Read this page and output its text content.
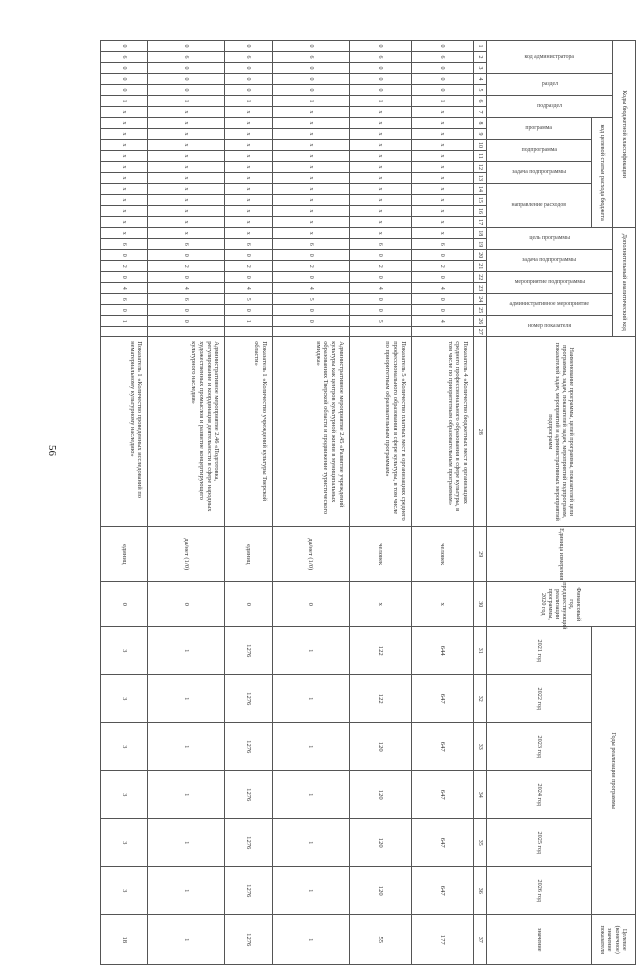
56
Коды бюджетной классификации																	Дополнительный аналитический код										Наименование программы, целей программы, показателей цели программы, задач, показателей задач, мероприятий подпрограмм, показателей задач, мероприятий и административных мероприятий подпрограмм	Единица измерения	Финансовый год, предшествующий реализации программы, 2020 год	Годы реализации программы						Целевое (конечное) значение показателя

код администратора			раздел		подраздел		код целевой статьи расхода бюджета										цель программы		задача подпрограммы		мероприятие подпрограммы		административное мероприятие		номер показателя											

							программа		подпрограмма		задача подпрограммы		направление расходов																	2021 год	2022 год	2023 год	2024 год	2025 год	2026 год	значение
1	2	3	4	5	6	7	8	9	10	11	12	13	14	15	16	17	18	19	20	21	22	23	24	25	26	27	28	29	30	31	32	33	34	35	36	37
0	6	0	0	0	1	x	x	x	x	x	x	x	x	x	x	x	x	6	0	2	0	4	0	0	4		Показатель 4 «Количество бюджетных мест в организациях среднего профессионального образования в сфере культуры, в том числе по приоритетным образовательным программам»	человек	х	644	647	647	647	647	647	177
0	6	0	0	0	1	x	x	x	x	x	x	x	x	x	x	x	x	6	0	2	0	4	0	0	5		Показатель 5 «Количество платных мест в организациях среднего профессионального образования в сфере культуры, в том числе по приоритетным образовательным программам»	человек	х	122	122	120	120	120	120	55
0	6	0	0	0	1	x	x	x	x	x	x	x	x	x	x	x	x	6	0	2	0	4	5	0	0		Административное мероприятие 2.45 «Развитие учреждений культуры как центров культурной жизни в муниципальных образованиях Тверской области и продвижение туристического имиджа»	да/нет (1/0)	0	1	1	1	1	1	1	1
0	6	0	0	0	1	x	x	x	x	x	x	x	x	x	x	x	x	6	0	2	0	4	5	0	1		Показатель 1 «Количество учреждений культуры Тверской области»	единиц	0	1276	1276	1276	1276	1276	1276	1276
0	6	0	0	0	1	x	x	x	x	x	x	x	x	x	x	x	x	6	0	2	0	4	6	0	0		Административное мероприятие 2.46 «Подготовка, регулирование и координация деятельности в сфере народных художественных промыслов и развитие концертирующего культурного наследия»	да/нет (1/0)	0	1	1	1	1	1	1	1
0	6	0	0	0	1	x	x	x	x	x	x	x	x	x	x	x	x	6	0	2	0	4	6	0	1		Показатель 1 «Количество проведенных исследований по нематериальному культурному наследию»	единиц	0	3	3	3	3	3	3	18
